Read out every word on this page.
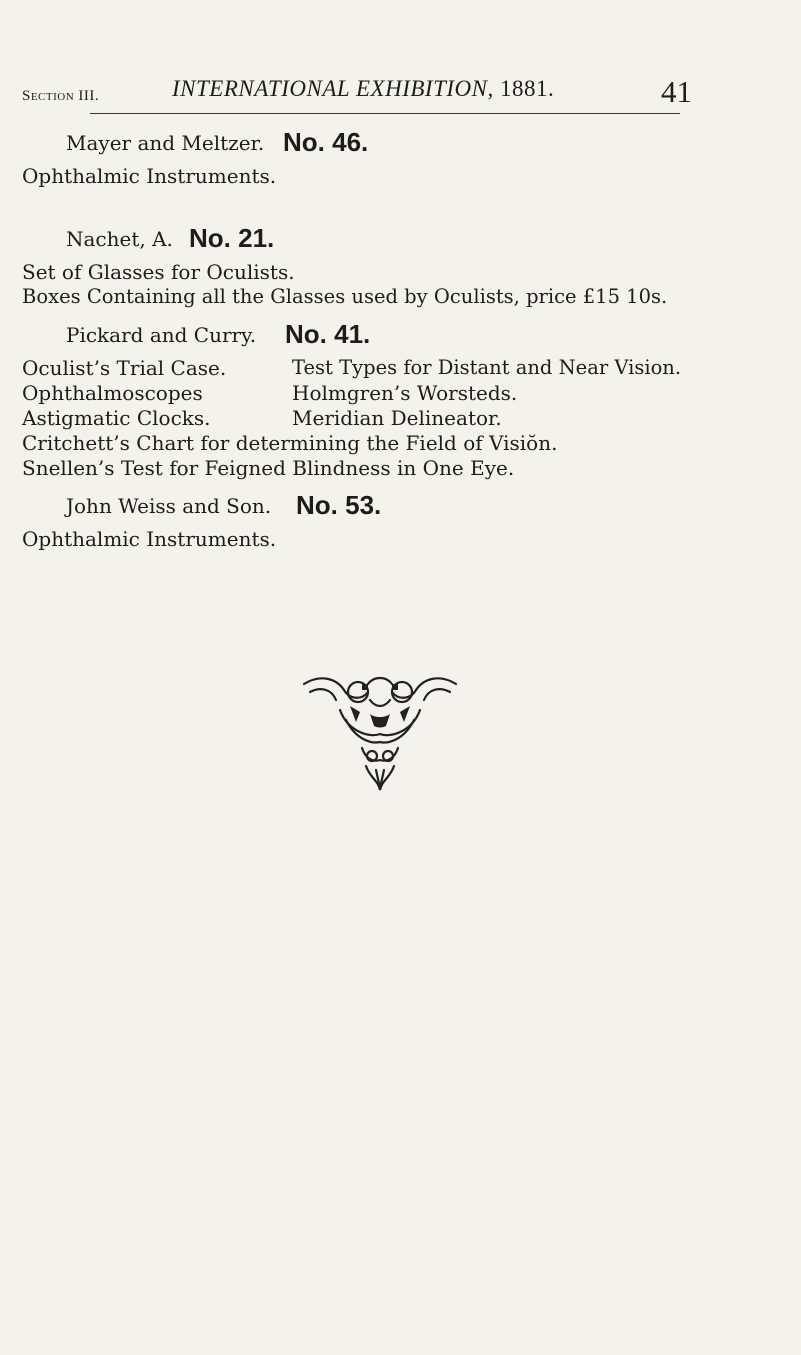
Section III.	INTERNATIONAL EXHIBITION, 1881.	41
Mayer and Meltzer. No. 46.
Ophthalmic Instruments.
Nachet, A. No. 21.
Set of Glasses for Oculists.
Boxes Containing all the Glasses used by Oculists, price £15 10s.
Pickard and Curry. No. 41.
Oculist’s Trial Case.
Ophthalmoscopes
Astigmatic Clocks.
Test Types for Distant and Near Vision.
Holmgren’s Worsteds.
Meridian Delineator.
Critchett’s Chart for determining the Field of Visiŏn.
Snellen’s Test for Feigned Blindness in One Eye.
John Weiss and Son. No. 53.
Ophthalmic Instruments.
